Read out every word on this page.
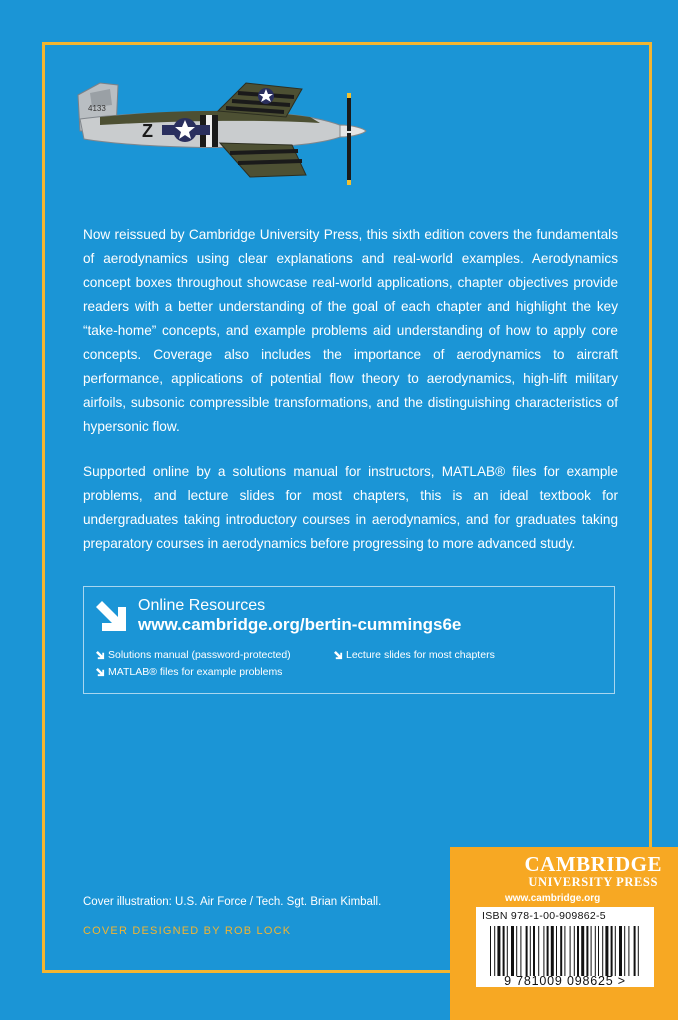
4133
Z

Now reissued by Cambridge University Press, this sixth edition covers the fundamentals of aerodynamics using clear explanations and real-world examples. Aerodynamics concept boxes throughout showcase real-world applications, chapter objectives provide readers with a better understanding of the goal of each chapter and highlight the key “take-home” concepts, and example problems aid understanding of how to apply core concepts. Coverage also includes the importance of aerodynamics to aircraft performance, applications of potential flow theory to aerodynamics, high-lift military airfoils, subsonic compressible transformations, and the distinguishing characteristics of hypersonic flow.

Supported online by a solutions manual for instructors, MATLAB® files for example problems, and lecture slides for most chapters, this is an ideal textbook for undergraduates taking introductory courses in aerodynamics, and for graduates taking preparatory courses in aerodynamics before progressing to more advanced study.

Online Resources
www.cambridge.org/bertin-cummings6e
Solutions manual (password-protected)	Lecture slides for most chapters
MATLAB® files for example problems
Cover illustration: U.S. Air Force / Tech. Sgt. Brian Kimball.
COVER DESIGNED BY ROB LOCK
CAMBRIDGE
UNIVERSITY PRESS
www.cambridge.org
ISBN 978-1-00-909862-5
9 781009 098625 >
